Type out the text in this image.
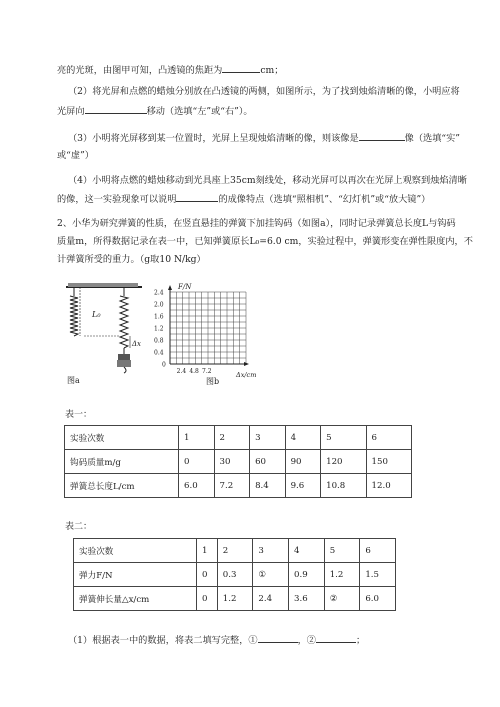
亮的光斑，由图甲可知，凸透镜的焦距为	cm；
（2）将光屏和点燃的蜡烛分别放在凸透镜的两侧，如图所示，为了找到烛焰清晰的像，小明应将
光屏向	移动（选填“左”或“右”）。
（3）小明将光屏移到某一位置时，光屏上呈现烛焰清晰的像，则该像是	像（选填“实”
或“虚”）
（4）小明将点燃的蜡烛移动到光具座上35cm刻线处，移动光屏可以再次在光屏上观察到烛焰清晰
的像，这一实验现象可以说明	的成像特点（选填“照相机”、“幻灯机”或“放大镜”）
2、小华为研究弹簧的性质，在竖直悬挂的弹簧下加挂钩码（如图a），同时记录弹簧总长度L与钩码
质量m，所得数据记录在表一中，已知弹簧原长L₀=6.0 cm，实验过程中，弹簧形变在弹性限度内，不
计弹簧所受的重力。（g取10 N/kg）
L₀
Δx
图a
F/N
2.4
2.0
1.6
1.2
0.8
0.4
0
2.4 4.8 7.2	Δx/cm
图b
表一：
实验次数	1	2	3	4	5	6
钩码质量m/g	0	30	60	90	120	150
弹簧总长度L/cm	6.0	7.2	8.4	9.6	10.8	12.0
表二：
实验次数	1	2	3	4	5	6
弹力F/N	0	0.3	①	0.9	1.2	1.5
弹簧伸长量△x/cm	0	1.2	2.4	3.6	②	6.0
（1）根据表一中的数据，将表二填写完整，①	，②	；
